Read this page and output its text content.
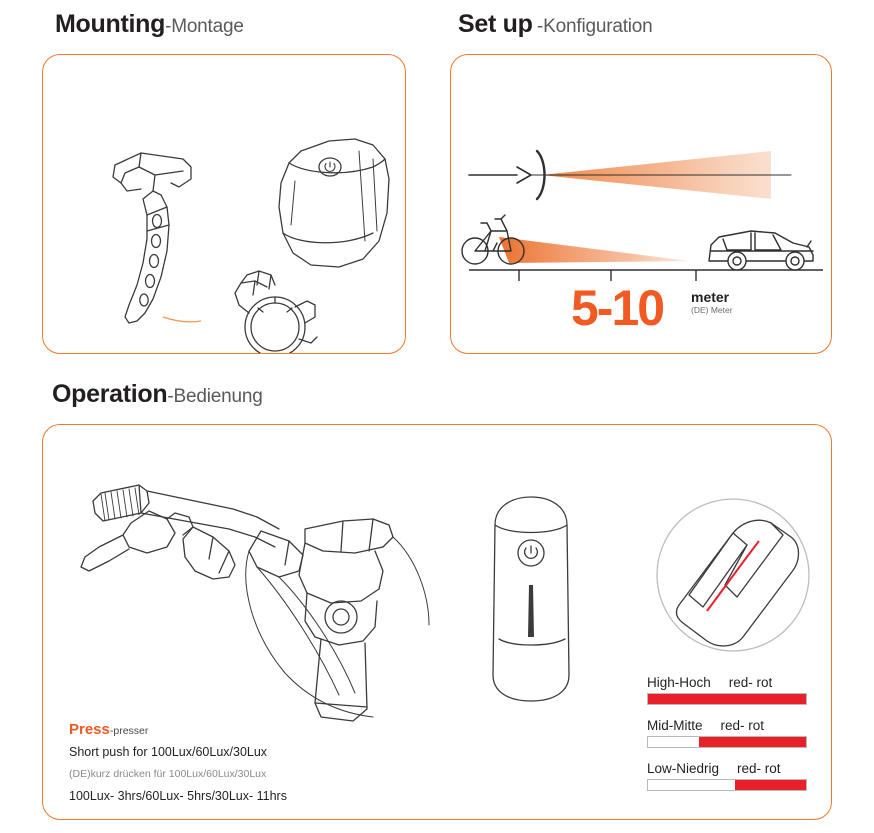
Mounting-Montage	Set up -Konfiguration
5-10 meter
(DE) Meter
Operation-Bedienung
Press-presser
Short push for 100Lux/60Lux/30Lux
(DE)kurz drücken für 100Lux/60Lux/30Lux
100Lux- 3hrs/60Lux- 5hrs/30Lux- 11hrs
High-Hoch red- rot
Mid-Mitte red- rot
Low-Niedrig red- rot
